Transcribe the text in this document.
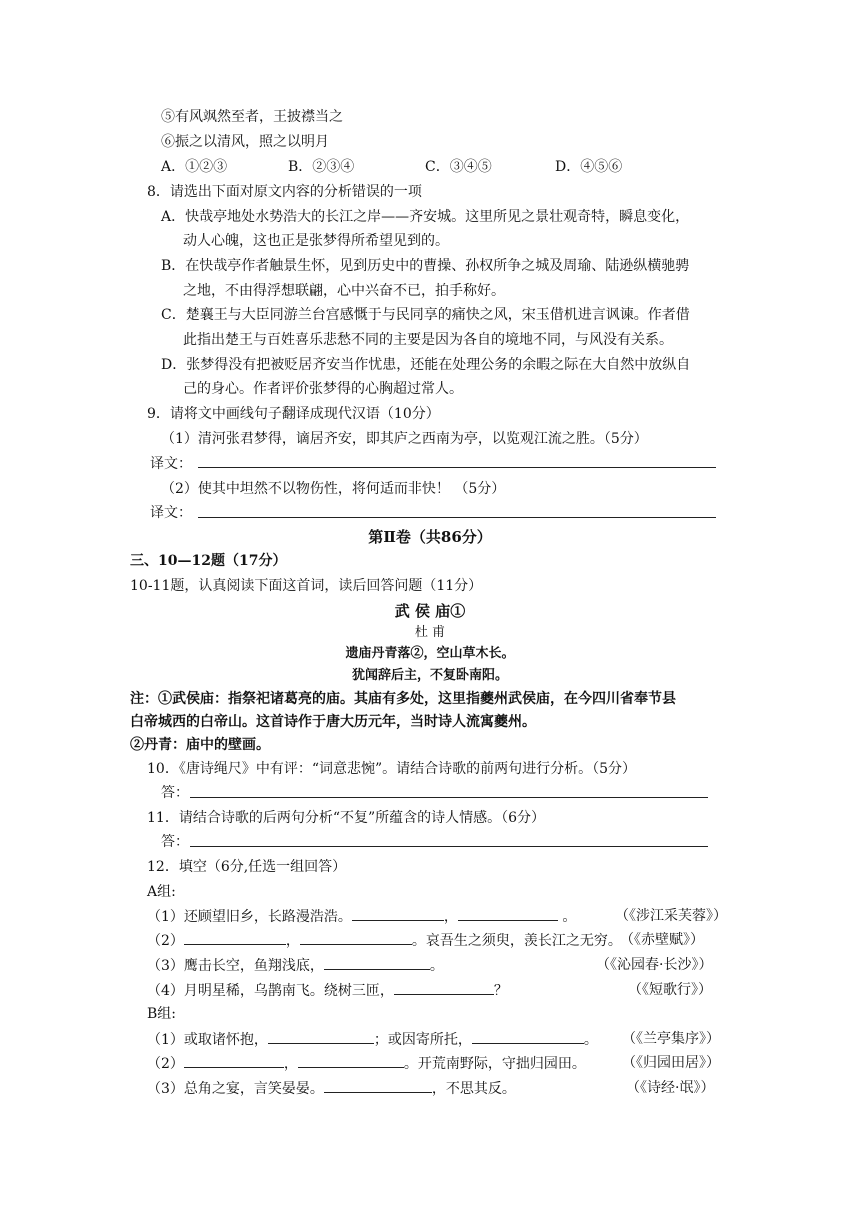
⑤有风飒然至者，王披襟当之
⑥振之以清风，照之以明月
A．①②③	B．②③④	C．③④⑤	D．④⑤⑥
8．请选出下面对原文内容的分析错误的一项
A．快哉亭地处水势浩大的长江之岸——齐安城。这里所见之景壮观奇特，瞬息变化，
动人心魄，这也正是张梦得所希望见到的。
B．在快哉亭作者触景生怀，见到历史中的曹操、孙权所争之城及周瑜、陆逊纵横驰骋
之地，不由得浮想联翩，心中兴奋不已，拍手称好。
C．楚襄王与大臣同游兰台宫感慨于与民同享的痛快之风，宋玉借机进言讽谏。作者借
此指出楚王与百姓喜乐悲愁不同的主要是因为各自的境地不同，与风没有关系。
D．张梦得没有把被贬居齐安当作忧患，还能在处理公务的余暇之际在大自然中放纵自
己的身心。作者评价张梦得的心胸超过常人。
9．请将文中画线句子翻译成现代汉语（10分）
（1）清河张君梦得，谪居齐安，即其庐之西南为亭，以览观江流之胜。（5分）
译文：
（2）使其中坦然不以物伤性，将何适而非快！ （5分）
译文：
第Ⅱ卷（共86分）
三、10—12题（17分）
10-11题，认真阅读下面这首词，读后回答问题（11分）
武 侯 庙①
杜 甫
遗庙丹青落②，空山草木长。
犹闻辞后主，不复卧南阳。
注：①武侯庙：指祭祀诸葛亮的庙。其庙有多处，这里指夔州武侯庙，在今四川省奉节县
白帝城西的白帝山。这首诗作于唐大历元年，当时诗人流寓夔州。
②丹青：庙中的壁画。
10．《唐诗绳尺》中有评：“词意悲惋”。请结合诗歌的前两句进行分析。（5分）
答：
11．请结合诗歌的后两句分析“不复”所蕴含的诗人情感。（6分）
答：
12．填空（6分,任选一组回答）
A组:
（1）还顾望旧乡，长路漫浩浩。	，	。	（《涉江采芙蓉》）
（2）	，	。哀吾生之须臾，羡长江之无穷。
（《赤壁赋》）
（3）鹰击长空，鱼翔浅底，	。	（《沁园春·长沙》）
（4）月明星稀，乌鹊南飞。绕树三匝，	？	（《短歌行》）
B组:
（1）或取诸怀抱，	；或因寄所托，	。 （《兰亭集序》）
（2）	，	。开荒南野际，守拙归园田。	（《归园田居》）
（3）总角之宴，言笑晏晏。	，不思其反。	（《诗经·氓》）
